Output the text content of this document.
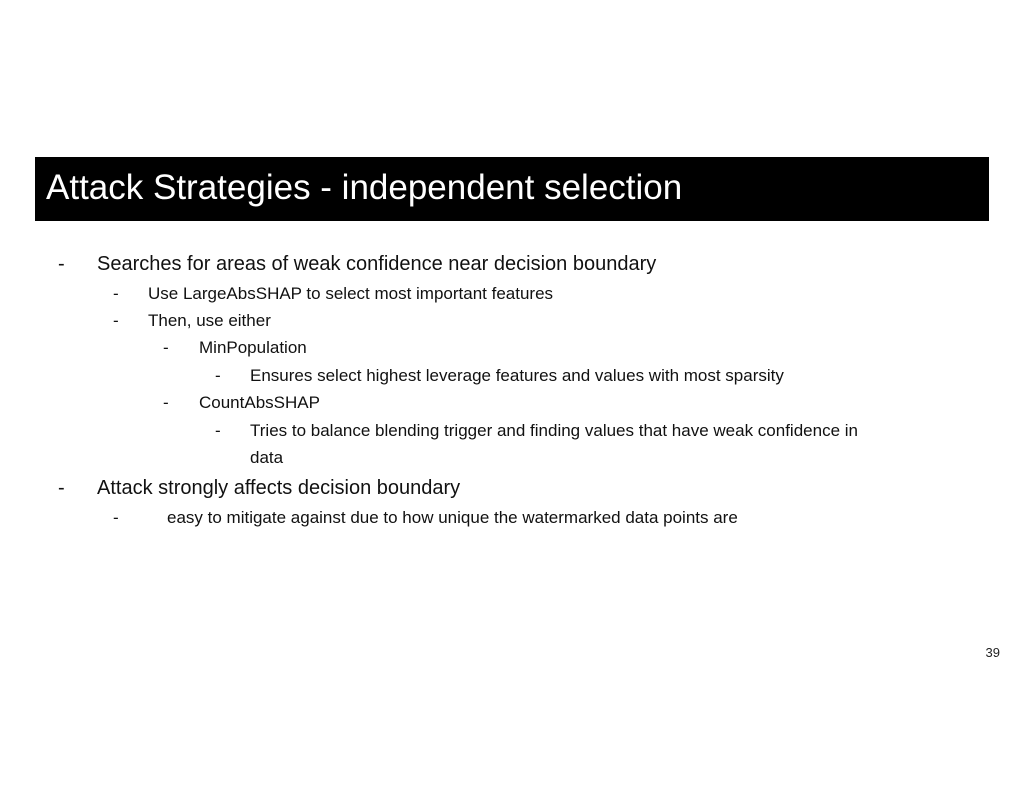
Attack Strategies - independent selection
- Searches for areas of weak confidence near decision boundary
- Use LargeAbsSHAP to select most important features
- Then, use either
- MinPopulation
- Ensures select highest leverage features and values with most sparsity
- CountAbsSHAP
- Tries to balance blending trigger and finding values that have weak confidence in
data
- Attack strongly affects decision boundary
-	easy to mitigate against due to how unique the watermarked data points are
39
